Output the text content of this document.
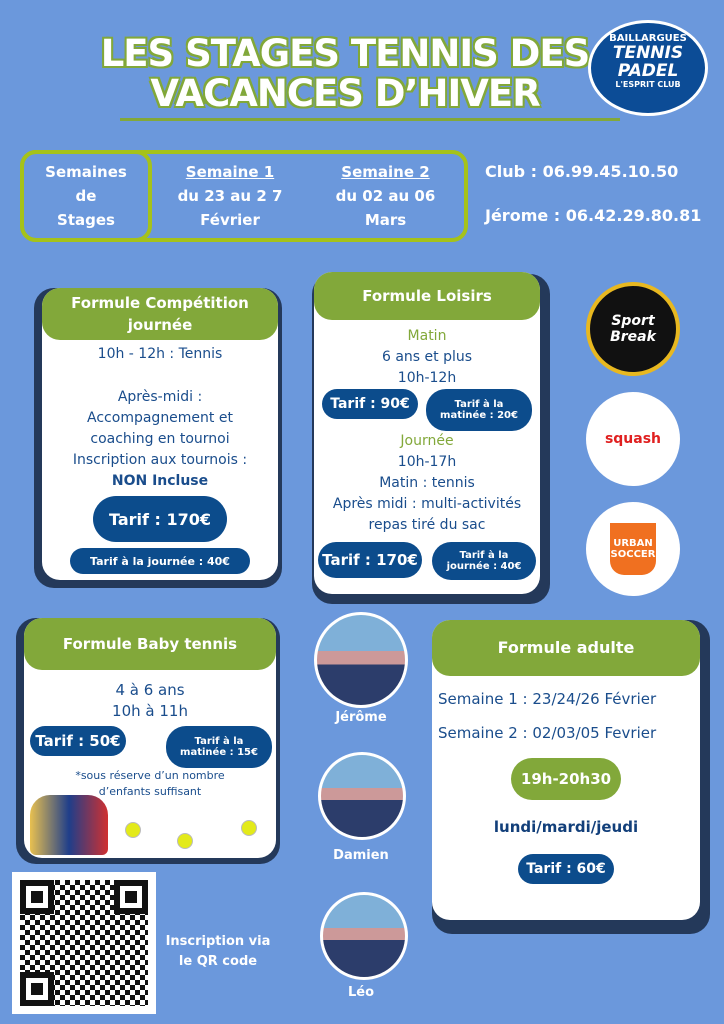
LES STAGES TENNIS DES
VACANCES D’HIVER
BAILLARGUES
TENNIS
PADEL
L'ESPRIT CLUB
Semaines
de
Stages
Semaine 1
du 23 au 2 7
Février
Semaine 2
du 02 au 06
Mars
Club : 06.99.45.10.50
Jérome : 06.42.29.80.81
Formule Compétition journée
10h - 12h : Tennis
Après-midi :
Accompagnement et
coaching en tournoi
Inscription aux tournois :
NON Incluse
Tarif : 170€
Tarif à la journée : 40€
Formule Loisirs
Matin
6 ans et plus
10h-12h
Tarif : 90€	Tarif à la matinée : 20€
Journée
10h-17h
Matin : tennis
Après midi : multi-activités
repas tiré du sac
Tarif : 170€	Tarif à la journée : 40€
Sport Break
squash
URBAN SOCCER
Formule Baby tennis
4 à 6 ans
10h à 11h
Tarif : 50€	Tarif à la matinée : 15€
*sous réserve d’un nombre
d’enfants suffisant
Jérôme
Damien
Léo
Formule adulte
Semaine 1 : 23/24/26 Février
Semaine 2 : 02/03/05 Fevrier
19h-20h30
lundi/mardi/jeudi
Tarif : 60€
Inscription via le QR code
